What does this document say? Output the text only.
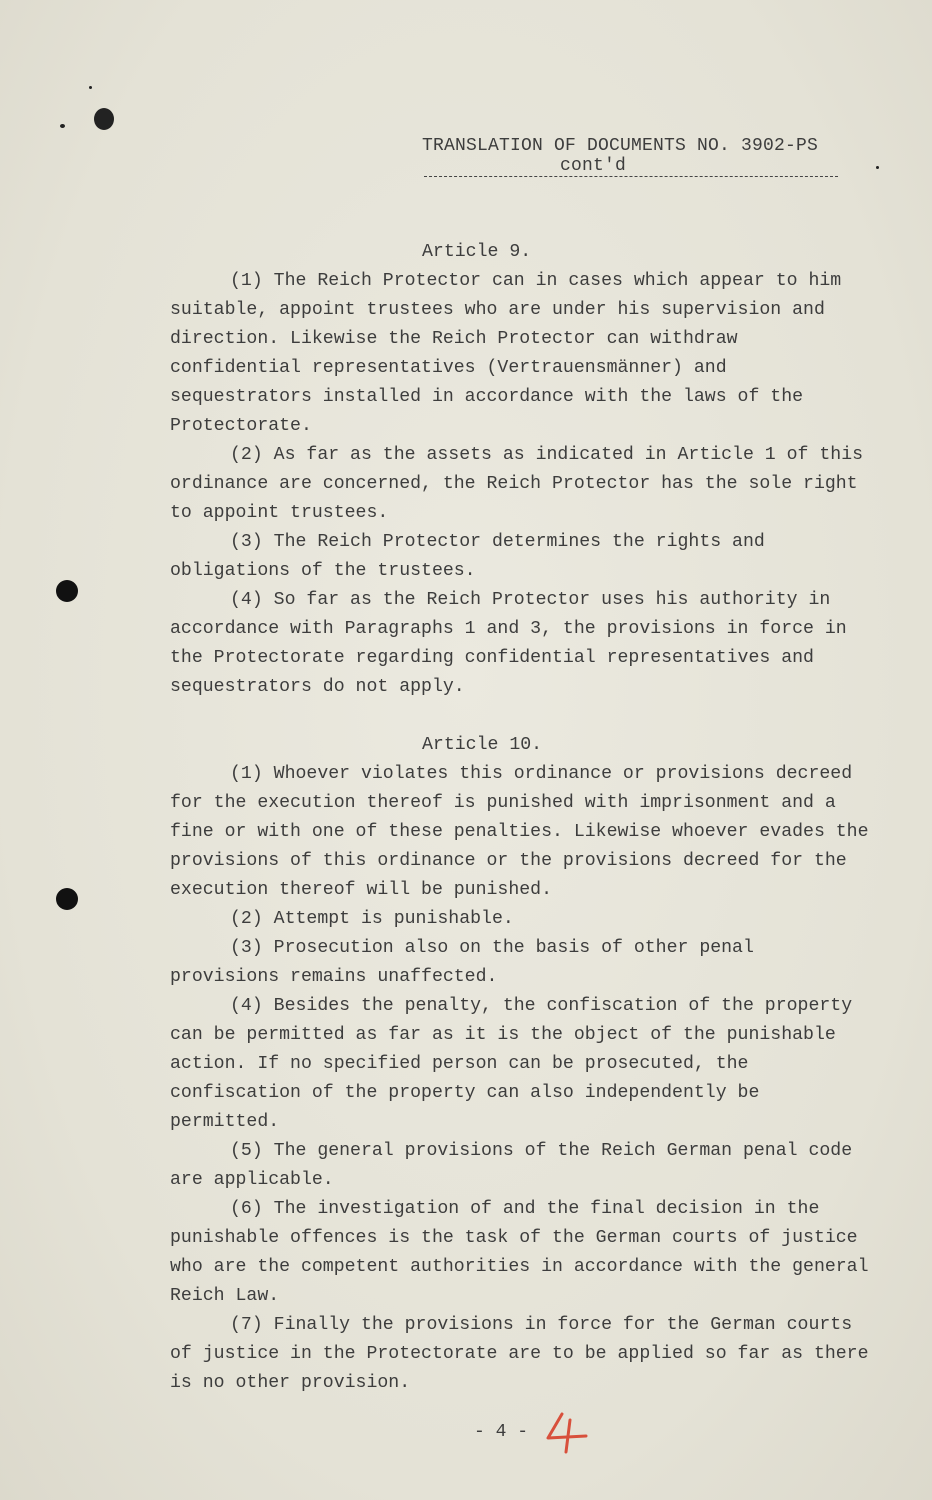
TRANSLATION OF DOCUMENTS NO. 3902-PS
cont'd
Article 9.

(1) The Reich Protector can in cases which appear to him suitable, appoint trustees who are under his supervision and direction. Likewise the Reich Protector can withdraw confidential representatives (Vertrauensmänner) and sequestrators installed in accordance with the laws of the Protectorate.

(2) As far as the assets as indicated in Article 1 of this ordinance are concerned, the Reich Protector has the sole right to appoint trustees.

(3) The Reich Protector determines the rights and obligations of the trustees.

(4) So far as the Reich Protector uses his authority in accordance with Paragraphs 1 and 3, the provisions in force in the Protectorate regarding confidential representatives and sequestrators do not apply.

Article 10.

(1) Whoever violates this ordinance or provisions decreed for the execution thereof is punished with imprisonment and a fine or with one of these penalties. Likewise whoever evades the provisions of this ordinance or the provisions decreed for the execution thereof will be punished.

(2) Attempt is punishable.

(3) Prosecution also on the basis of other penal provisions remains unaffected.

(4) Besides the penalty, the confiscation of the property can be permitted as far as it is the object of the punishable action. If no specified person can be prosecuted, the confiscation of the property can also independently be permitted.

(5) The general provisions of the Reich German penal code are applicable.

(6) The investigation of and the final decision in the punishable offences is the task of the German courts of justice who are the competent authorities in accordance with the general Reich Law.

(7) Finally the provisions in force for the German courts of justice in the Protectorate are to be applied so far as there is no other provision.

- 4 -
